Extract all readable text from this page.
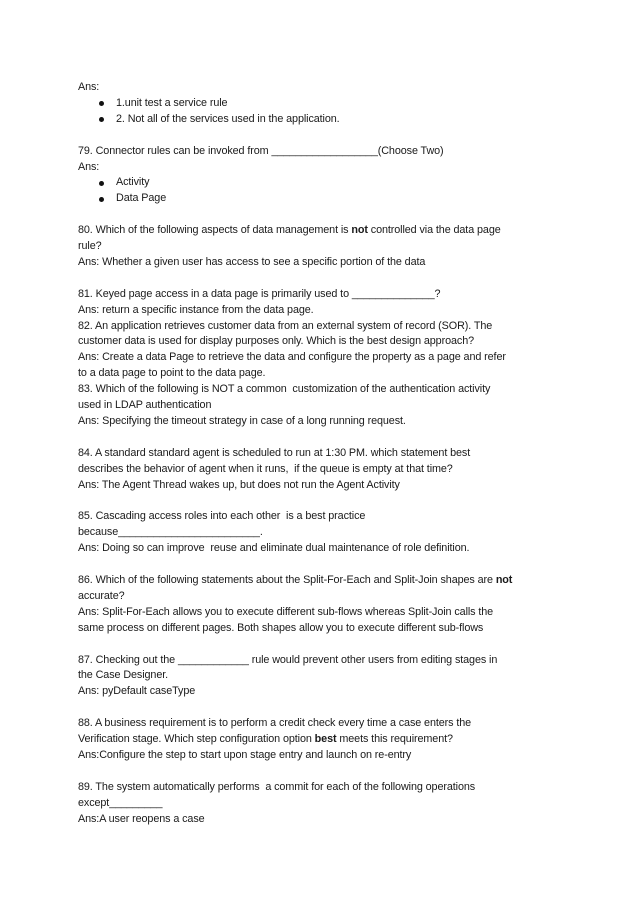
Ans:
1.unit test a service rule
2. Not all of the services used in the application.
79. Connector rules can be invoked from __________________(Choose Two)
Ans:
Activity
Data Page
80. Which of the following aspects of data management is not controlled via the data page
rule?
Ans: Whether a given user has access to see a specific portion of the data
81. Keyed page access in a data page is primarily used to ______________?
Ans: return a specific instance from the data page.
82. An application retrieves customer data from an external system of record (SOR). The
customer data is used for display purposes only. Which is the best design approach?
Ans: Create a data Page to retrieve the data and configure the property as a page and refer
to a data page to point to the data page.
83. Which of the following is NOT a common  customization of the authentication activity
used in LDAP authentication
Ans: Specifying the timeout strategy in case of a long running request.
84. A standard standard agent is scheduled to run at 1:30 PM. which statement best
describes the behavior of agent when it runs,  if the queue is empty at that time?
Ans: The Agent Thread wakes up, but does not run the Agent Activity
85. Cascading access roles into each other  is a best practice
because________________________.
Ans: Doing so can improve  reuse and eliminate dual maintenance of role definition.
86. Which of the following statements about the Split-For-Each and Split-Join shapes are not
accurate?
Ans: Split-For-Each allows you to execute different sub-flows whereas Split-Join calls the
same process on different pages. Both shapes allow you to execute different sub-flows
87. Checking out the ____________ rule would prevent other users from editing stages in
the Case Designer.
Ans: pyDefault caseType
88. A business requirement is to perform a credit check every time a case enters the
Verification stage. Which step configuration option best meets this requirement?
Ans:Configure the step to start upon stage entry and launch on re-entry
89. The system automatically performs  a commit for each of the following operations
except_________
Ans:A user reopens a case
